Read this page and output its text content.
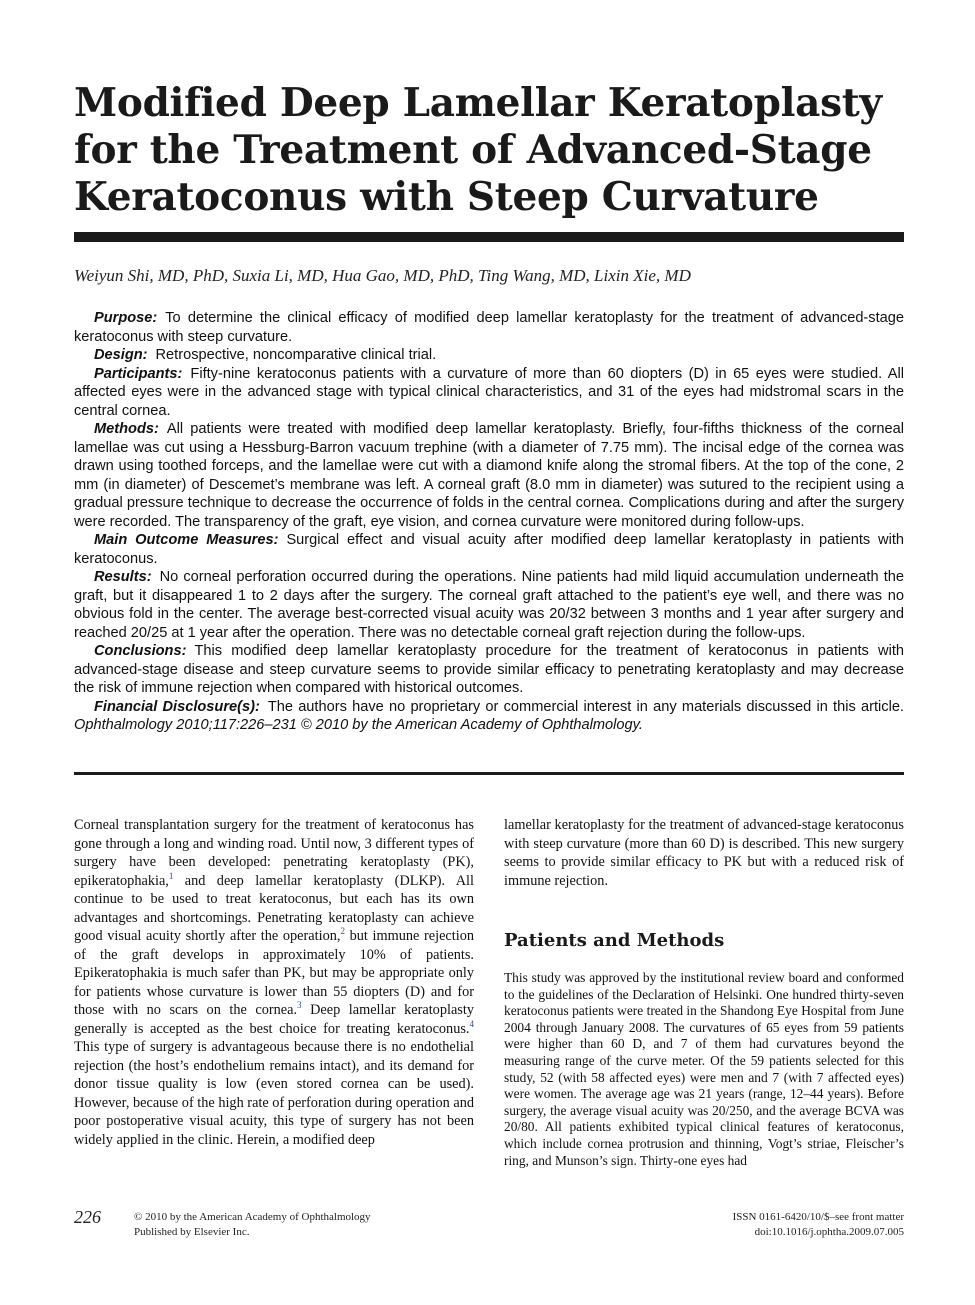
Modified Deep Lamellar Keratoplasty for the Treatment of Advanced-Stage Keratoconus with Steep Curvature
Weiyun Shi, MD, PhD, Suxia Li, MD, Hua Gao, MD, PhD, Ting Wang, MD, Lixin Xie, MD

Purpose: To determine the clinical efficacy of modified deep lamellar keratoplasty for the treatment of advanced-stage keratoconus with steep curvature.

Design: Retrospective, noncomparative clinical trial.

Participants: Fifty-nine keratoconus patients with a curvature of more than 60 diopters (D) in 65 eyes were studied. All affected eyes were in the advanced stage with typical clinical characteristics, and 31 of the eyes had midstromal scars in the central cornea.

Methods: All patients were treated with modified deep lamellar keratoplasty. Briefly, four-fifths thickness of the corneal lamellae was cut using a Hessburg-Barron vacuum trephine (with a diameter of 7.75 mm). The incisal edge of the cornea was drawn using toothed forceps, and the lamellae were cut with a diamond knife along the stromal fibers. At the top of the cone, 2 mm (in diameter) of Descemet’s membrane was left. A corneal graft (8.0 mm in diameter) was sutured to the recipient using a gradual pressure technique to decrease the occurrence of folds in the central cornea. Complications during and after the surgery were recorded. The transparency of the graft, eye vision, and cornea curvature were monitored during follow-ups.

Main Outcome Measures: Surgical effect and visual acuity after modified deep lamellar keratoplasty in patients with keratoconus.

Results: No corneal perforation occurred during the operations. Nine patients had mild liquid accumulation underneath the graft, but it disappeared 1 to 2 days after the surgery. The corneal graft attached to the patient’s eye well, and there was no obvious fold in the center. The average best-corrected visual acuity was 20/32 between 3 months and 1 year after surgery and reached 20/25 at 1 year after the operation. There was no detectable corneal graft rejection during the follow-ups.

Conclusions: This modified deep lamellar keratoplasty procedure for the treatment of keratoconus in patients with advanced-stage disease and steep curvature seems to provide similar efficacy to penetrating keratoplasty and may decrease the risk of immune rejection when compared with historical outcomes.

Financial Disclosure(s): The authors have no proprietary or commercial interest in any materials discussed in this article. Ophthalmology 2010;117:226–231 © 2010 by the American Academy of Ophthalmology.

Corneal transplantation surgery for the treatment of keratoconus has gone through a long and winding road. Until now, 3 different types of surgery have been developed: penetrating keratoplasty (PK), epikeratophakia,$^1$ and deep lamellar keratoplasty (DLKP). All continue to be used to treat keratoconus, but each has its own advantages and shortcomings. Penetrating keratoplasty can achieve good visual acuity shortly after the operation,$^2$ but immune rejection of the graft develops in approximately 10% of patients. Epikeratophakia is much safer than PK, but may be appropriate only for patients whose curvature is lower than 55 diopters (D) and for those with no scars on the cornea.$^3$ Deep lamellar keratoplasty generally is accepted as the best choice for treating keratoconus.$^4$ This type of surgery is advantageous because there is no endothelial rejection (the host’s endothelium remains intact), and its demand for donor tissue quality is low (even stored cornea can be used). However, because of the high rate of perforation during operation and poor postoperative visual acuity, this type of surgery has not been widely applied in the clinic. Herein, a modified deep

lamellar keratoplasty for the treatment of advanced-stage keratoconus with steep curvature (more than 60 D) is described. This new surgery seems to provide similar efficacy to PK but with a reduced risk of immune rejection.

Patients and Methods

This study was approved by the institutional review board and conformed to the guidelines of the Declaration of Helsinki. One hundred thirty-seven keratoconus patients were treated in the Shandong Eye Hospital from June 2004 through January 2008. The curvatures of 65 eyes from 59 patients were higher than 60 D, and 7 of them had curvatures beyond the measuring range of the curve meter. Of the 59 patients selected for this study, 52 (with 58 affected eyes) were men and 7 (with 7 affected eyes) were women. The average age was 21 years (range, 12–44 years). Before surgery, the average visual acuity was 20/250, and the average BCVA was 20/80. All patients exhibited typical clinical features of keratoconus, which include cornea protrusion and thinning, Vogt’s striae, Fleischer’s ring, and Munson’s sign. Thirty-one eyes had

226	© 2010 by the American Academy of Ophthalmology
Published by Elsevier Inc.
ISSN 0161-6420/10/$–see front matter
doi:10.1016/j.ophtha.2009.07.005
